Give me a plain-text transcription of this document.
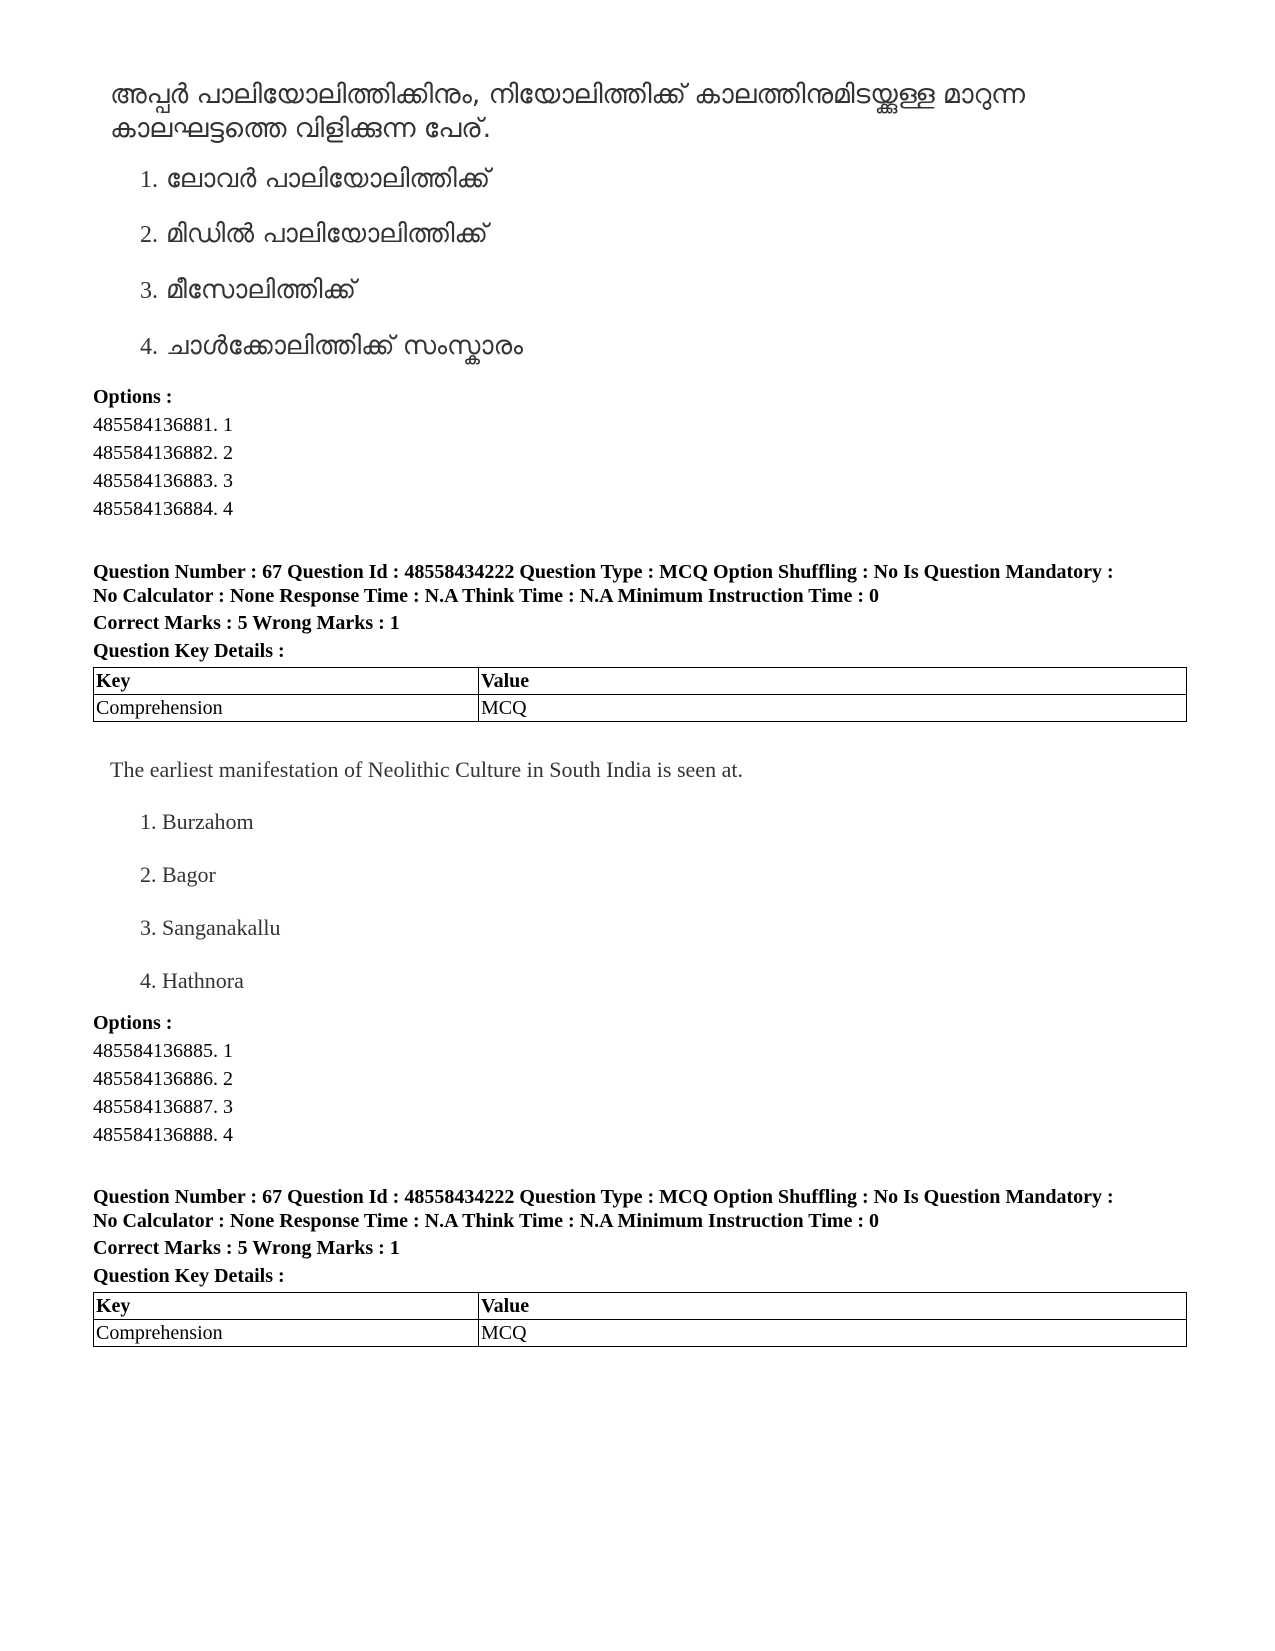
അപ്പർ പാലിയോലിത്തിക്കിനും, നിയോലിത്തിക്ക് കാലത്തിനുമിടയ്ക്കുള്ള മാറുന്ന കാലഘട്ടത്തെ വിളിക്കുന്ന പേര്.
1. ലോവർ പാലിയോലിത്തിക്ക്
2. മിഡിൽ പാലിയോലിത്തിക്ക്
3. മീസോലിത്തിക്ക്
4. ചാൾക്കോലിത്തിക്ക് സംസ്കാരം
Options :
485584136881. 1
485584136882. 2
485584136883. 3
485584136884. 4
Question Number : 67 Question Id : 48558434222 Question Type : MCQ Option Shuffling : No Is Question Mandatory :
No Calculator : None Response Time : N.A Think Time : N.A Minimum Instruction Time : 0
Correct Marks : 5 Wrong Marks : 1
Question Key Details :
Key	Value
Comprehension	MCQ
The earliest manifestation of Neolithic Culture in South India is seen at.
1. Burzahom
2. Bagor
3. Sanganakallu
4. Hathnora
Options :
485584136885. 1
485584136886. 2
485584136887. 3
485584136888. 4
Question Number : 67 Question Id : 48558434222 Question Type : MCQ Option Shuffling : No Is Question Mandatory :
No Calculator : None Response Time : N.A Think Time : N.A Minimum Instruction Time : 0
Correct Marks : 5 Wrong Marks : 1
Question Key Details :
Key	Value
Comprehension	MCQ
